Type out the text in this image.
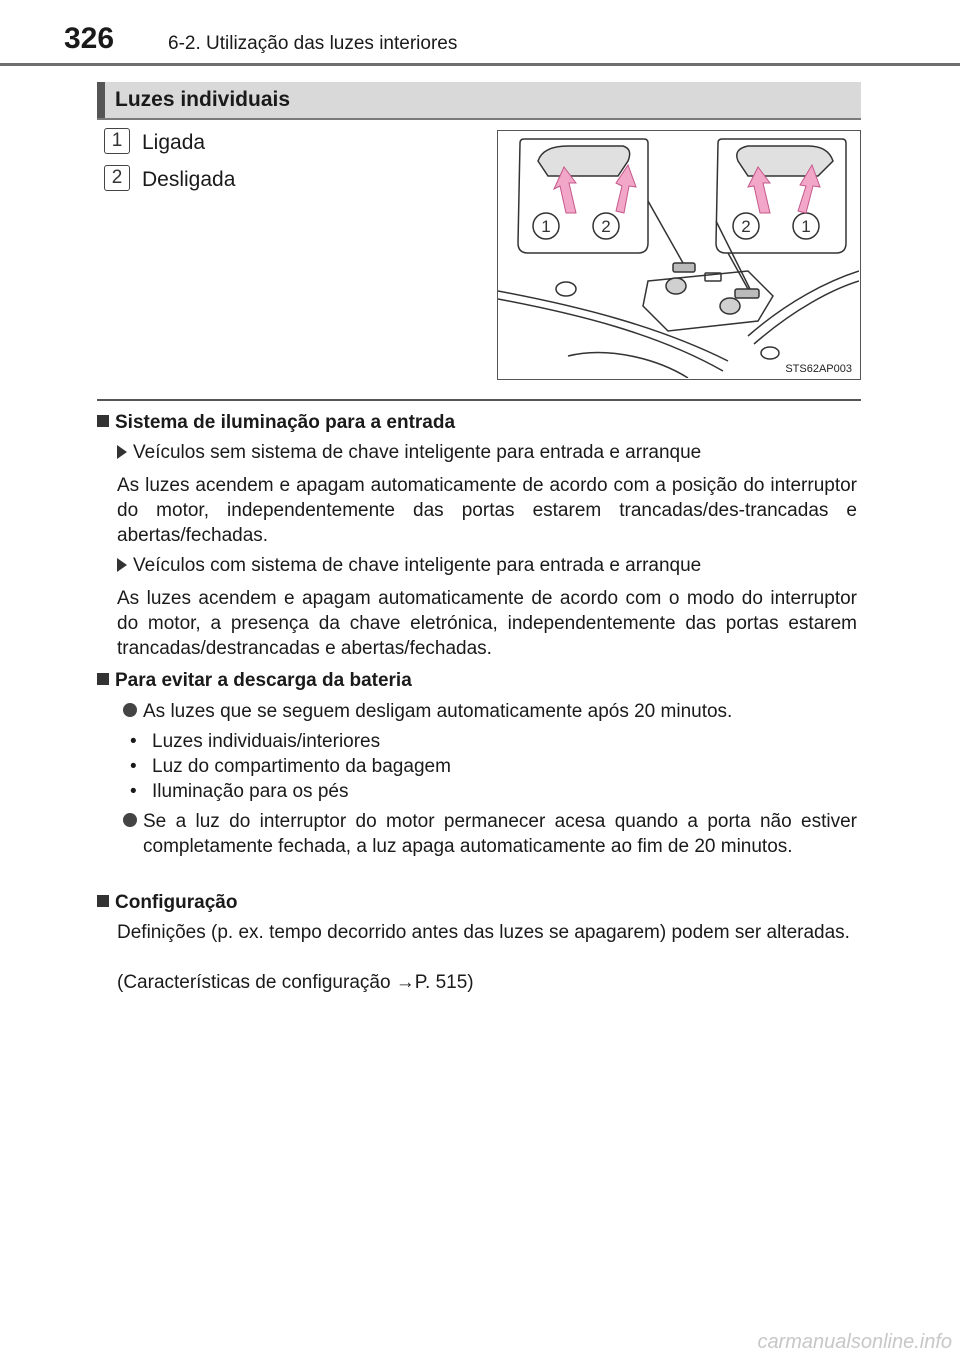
326	6-2. Utilização das luzes interiores
Luzes individuais
1 Ligada
2 Desligada
1	2	2	1
STS62AP003
Sistema de iluminação para a entrada
Veículos sem sistema de chave inteligente para entrada e arranque
As luzes acendem e apagam automaticamente de acordo com a posição do interruptor do motor, independentemente das portas estarem trancadas/des-trancadas e abertas/fechadas.
Veículos com sistema de chave inteligente para entrada e arranque
As luzes acendem e apagam automaticamente de acordo com o modo do interruptor do motor, a presença da chave eletrónica, independentemente das portas estarem trancadas/destrancadas e abertas/fechadas.
Para evitar a descarga da bateria
As luzes que se seguem desligam automaticamente após 20 minutos.
• Luzes individuais/interiores
• Luz do compartimento da bagagem
• Iluminação para os pés
Se a luz do interruptor do motor permanecer acesa quando a porta não estiver completamente fechada, a luz apaga automaticamente ao fim de 20 minutos.
Configuração
Definições (p. ex. tempo decorrido antes das luzes se apagarem) podem ser alteradas.
(Características de configuração →P. 515)
carmanualsonline.info
